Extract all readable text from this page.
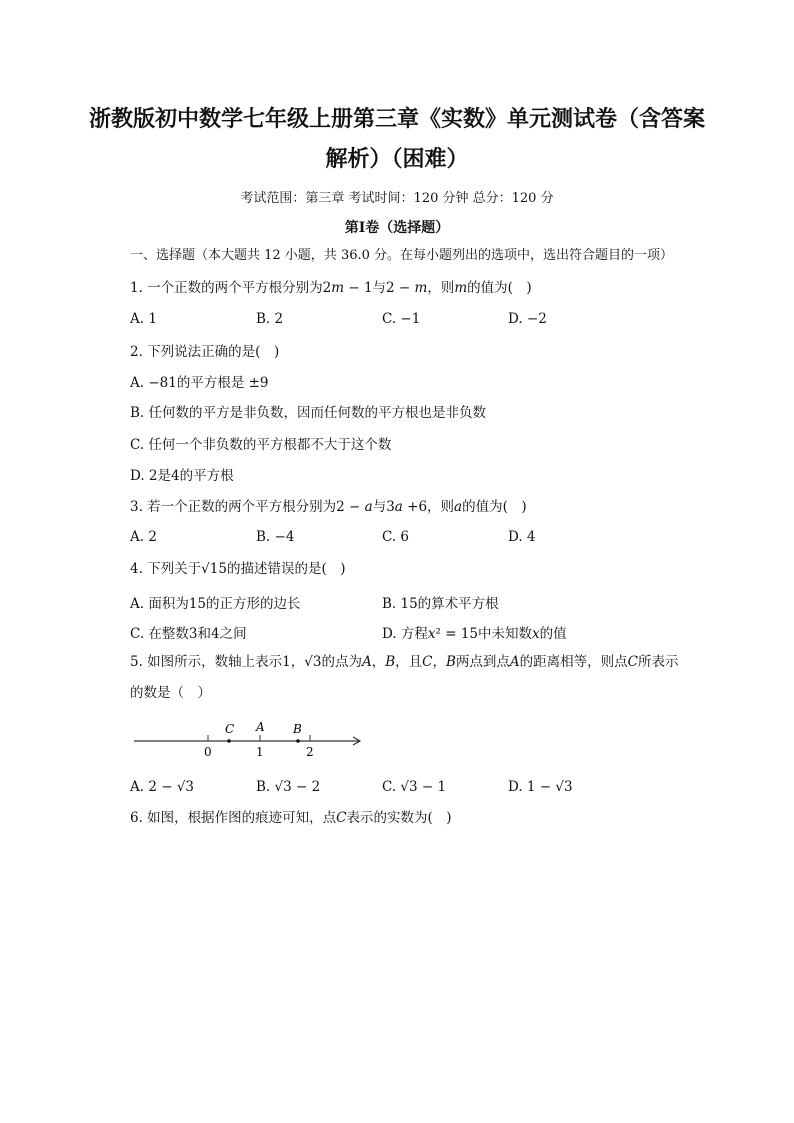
浙教版初中数学七年级上册第三章《实数》单元测试卷（含答案
解析）（困难）
考试范围：第三章 考试时间：120 分钟 总分：120 分
第Ⅰ卷（选择题）
一、选择题（本大题共 12 小题，共 36.0 分。在每小题列出的选项中，选出符合题目的一项）
1. 一个正数的两个平方根分别为2𝑚 − 1与2 − 𝑚，则𝑚的值为(　)
A. 1	B. 2	C. −1	D. −2
2. 下列说法正确的是(　)
A. −81的平方根是 ±9
B. 任何数的平方是非负数，因而任何数的平方根也是非负数
C. 任何一个非负数的平方根都不大于这个数
D. 2是4的平方根
3. 若一个正数的两个平方根分别为2 − 𝑎与3𝑎 +6，则𝑎的值为(　)
A. 2	B. −4	C. 6	D. 4
4. 下列关于√15的描述错误的是(　)
A. 面积为15的正方形的边长	B. 15的算术平方根
C. 在整数3和4之间	D. 方程𝑥² = 15中未知数𝑥的值
5. 如图所示，数轴上表示1，√3的点为𝐴，𝐵，且𝐶，𝐵两点到点𝐴的距离相等，则点𝐶所表示
的数是（　）
0	1	2
C A B
A. 2 − √3	B. √3 − 2	C. √3 − 1	D. 1 − √3
6. 如图，根据作图的痕迹可知，点𝐶表示的实数为(　)
